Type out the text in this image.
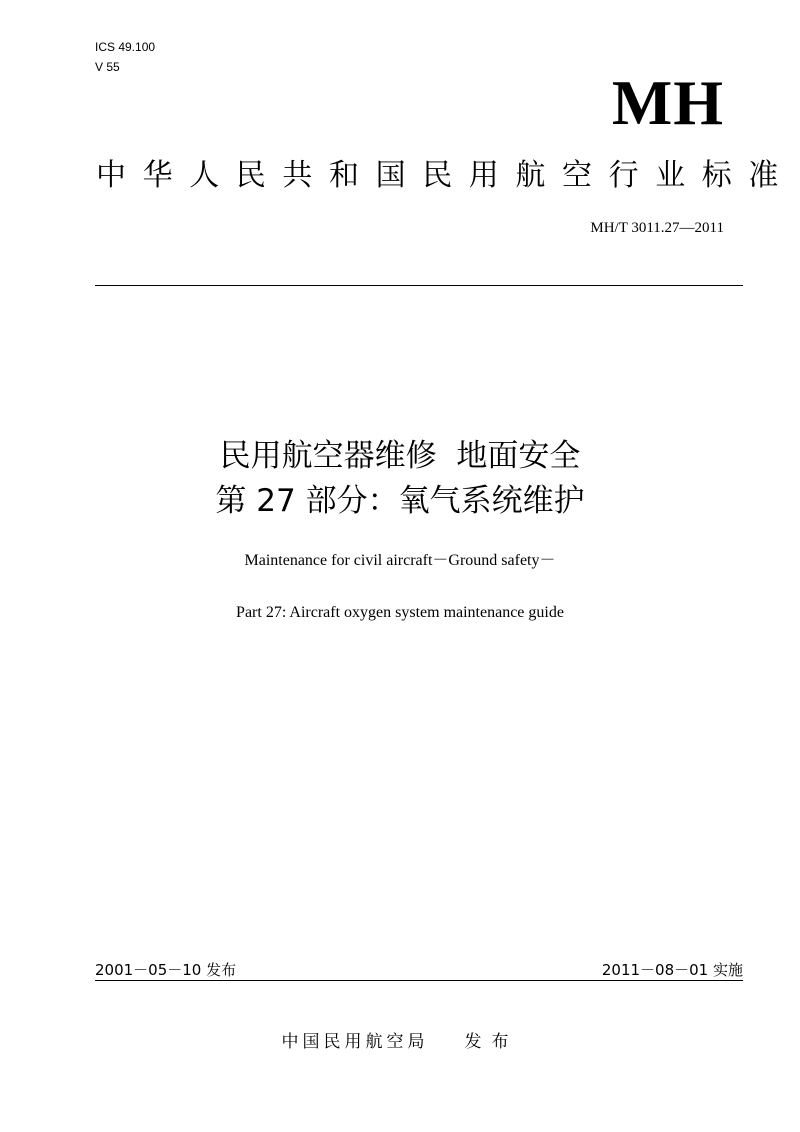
ICS 49.100
V 55	MH
中华人民共和国民用航空行业标准
MH/T 3011.27—2011
民用航空器维修  地面安全
第 27 部分：氧气系统维护
Maintenance for civil aircraft－Ground safety－
Part 27: Aircraft oxygen system maintenance guide
2001－05－10 发布	2011－08－01 实施
中国民用航空局 发布
